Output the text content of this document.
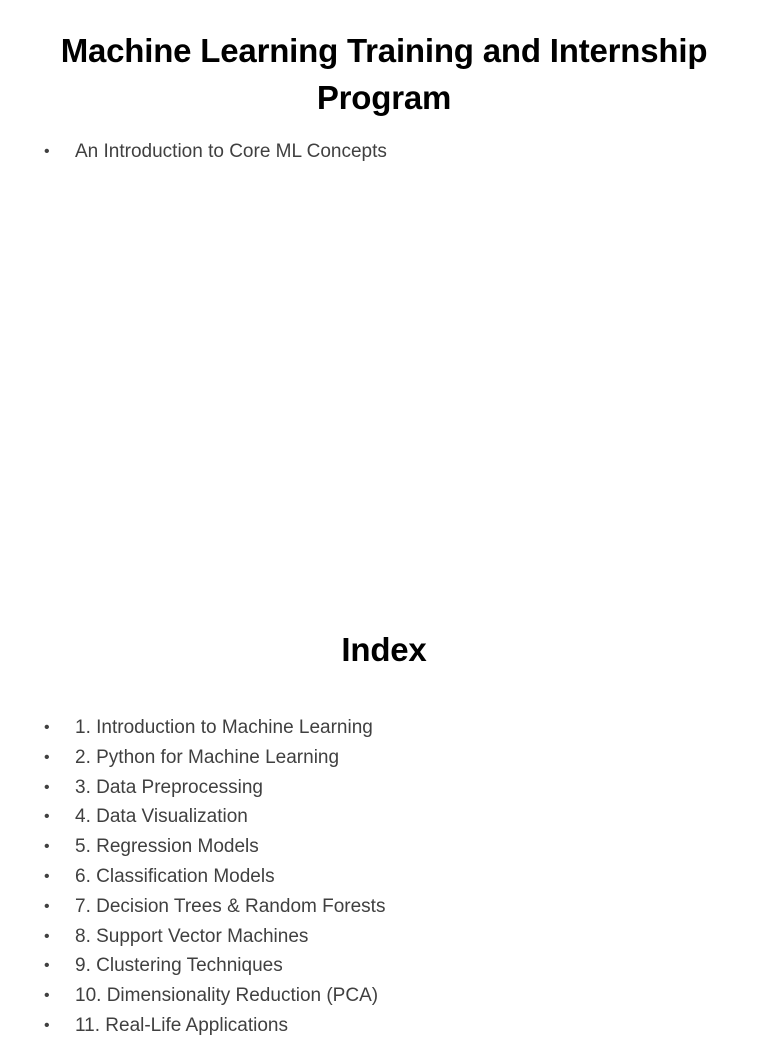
Machine Learning Training and Internship Program
• An Introduction to Core ML Concepts
Index
• 1. Introduction to Machine Learning
• 2. Python for Machine Learning
• 3. Data Preprocessing
• 4. Data Visualization
• 5. Regression Models
• 6. Classification Models
• 7. Decision Trees & Random Forests
• 8. Support Vector Machines
• 9. Clustering Techniques
• 10. Dimensionality Reduction (PCA)
• 11. Real-Life Applications
